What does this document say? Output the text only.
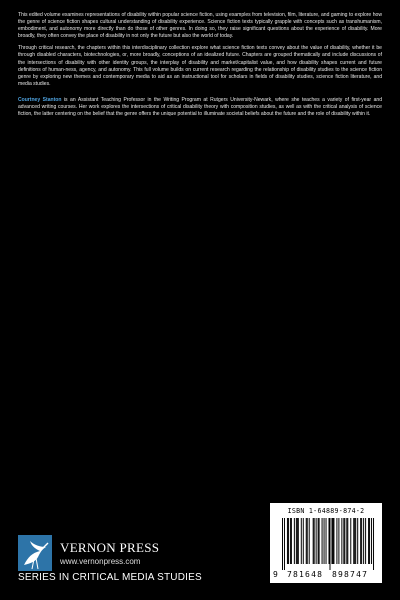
This edited volume examines representations of disability within popular science fiction, using examples from television, film, literature, and gaming to explore how the genre of science fiction shapes cultural understanding of disability experience. Science fiction texts typically grapple with concepts such as transhumanism, embodiment, and autonomy more directly than do those of other genres. In doing so, they raise significant questions about the experience of disability. More broadly, they often convey the place of disability in not only the future but also the world of today.

Through critical research, the chapters within this interdisciplinary collection explore what science fiction texts convey about the value of disability, whether it be through disabled characters, biotechnologies, or, more broadly, conceptions of an idealized future. Chapters are grouped thematically and include discussions of the intersections of disability with other identity groups, the interplay of disability and market/capitalist value, and how disability shapes current and future definitions of human-ness, agency, and autonomy. This full volume builds on current research regarding the relationship of disability studies to the science fiction genre by exploring new themes and contemporary media to aid as an instructional tool for scholars in fields of disability studies, science fiction literature, and media studies.

Courtney Stanton is an Assistant Teaching Professor in the Writing Program at Rutgers University-Newark, where she teaches a variety of first-year and advanced writing courses. Her work explores the intersections of critical disability theory with composition studies, as well as with the critical analysis of science fiction, the latter centering on the belief that the genre offers the unique potential to illuminate societal beliefs about the future and the role of disability within it.

VERNON PRESS
www.vernonpress.com
SERIES IN CRITICAL MEDIA STUDIES
ISBN 1-64889-874-2
9 781648 898747
